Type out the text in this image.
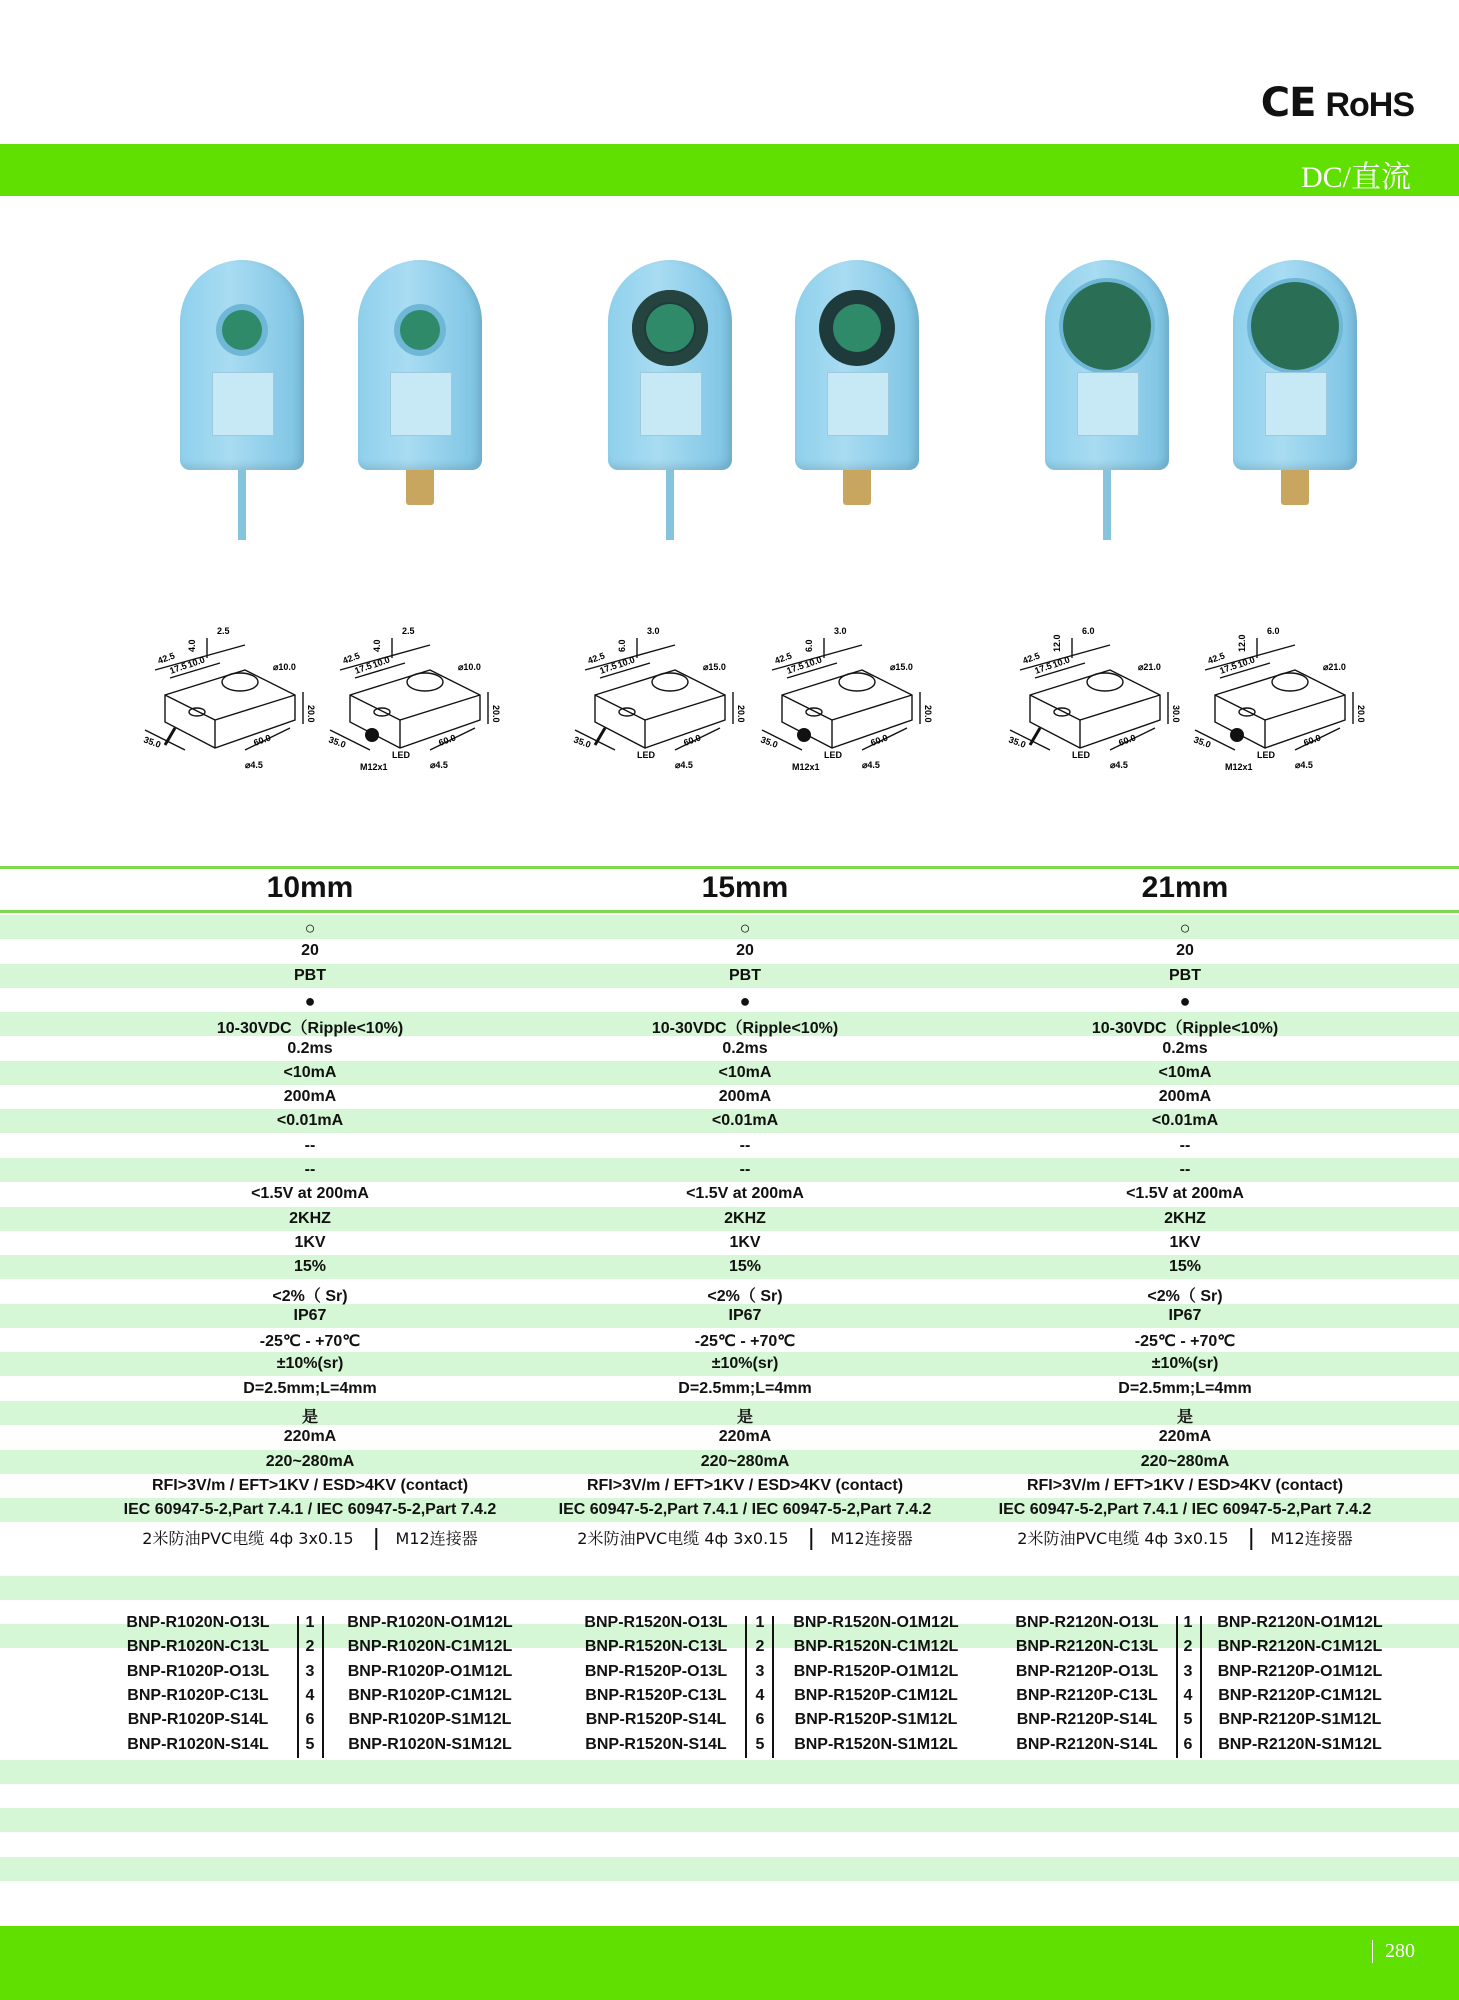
CE RoHS
DC/直流
42.5
17.5
10.0	⌀10.0
20.0
35.0	60.0
⌀4.5
2.5
4.0
42.5
17.5
10.0	⌀10.0
20.0
35.0	60.0
⌀4.5
2.5
4.0
M12x1
LED
42.5
17.5
10.0	⌀15.0
20.0
35.0	60.0
⌀4.5
3.0
6.0
LED
42.5
17.5
10.0	⌀15.0
20.0
35.0	60.0
⌀4.5
3.0
6.0
M12x1
LED
42.5
17.5
10.0	⌀21.0
30.0
35.0	60.0
⌀4.5
6.0
12.0
LED
42.5
17.5
10.0	⌀21.0
20.0
35.0	60.0
⌀4.5
6.0
12.0
M12x1
LED
10mm	15mm	21mm
BNP-R1020N-O13L 1 BNP-R1020N-O1M12L
BNP-R1020N-C13L 2 BNP-R1020N-C1M12L
BNP-R1020P-O13L 3 BNP-R1020P-O1M12L
BNP-R1020P-C13L 4 BNP-R1020P-C1M12L
BNP-R1020P-S14L 6 BNP-R1020P-S1M12L
BNP-R1020N-S14L 5 BNP-R1020N-S1M12L
BNP-R1520N-O13L 1 BNP-R1520N-O1M12L
BNP-R1520N-C13L 2 BNP-R1520N-C1M12L
BNP-R1520P-O13L 3 BNP-R1520P-O1M12L
BNP-R1520P-C13L 4 BNP-R1520P-C1M12L
BNP-R1520P-S14L 6 BNP-R1520P-S1M12L
BNP-R1520N-S14L 5 BNP-R1520N-S1M12L
BNP-R2120N-O13L 1 BNP-R2120N-O1M12L
BNP-R2120N-C13L 2 BNP-R2120N-C1M12L
BNP-R2120P-O13L 3 BNP-R2120P-O1M12L
BNP-R2120P-C13L 4 BNP-R2120P-C1M12L
BNP-R2120P-S14L 5 BNP-R2120P-S1M12L
BNP-R2120N-S14L 6 BNP-R2120N-S1M12L
280
○	○	○
20	20	20
PBT	PBT	PBT
●	●	●
10-30VDC（Ripple<10%)	10-30VDC（Ripple<10%)	10-30VDC（Ripple<10%)
0.2ms	0.2ms	0.2ms
<10mA	<10mA	<10mA
200mA	200mA	200mA
<0.01mA	<0.01mA	<0.01mA
--	--	--
--	--	--
<1.5V at 200mA	<1.5V at 200mA	<1.5V at 200mA
2KHZ	2KHZ	2KHZ
1KV	1KV	1KV
15%	15%	15%
<2%（ Sr)	<2%（ Sr)	<2%（ Sr)
IP67	IP67	IP67
-25℃ - +70℃	-25℃ - +70℃	-25℃ - +70℃
±10%(sr)	±10%(sr)	±10%(sr)
D=2.5mm;L=4mm	D=2.5mm;L=4mm	D=2.5mm;L=4mm
是	是	是
220mA	220mA	220mA
220~280mA	220~280mA	220~280mA
RFI>3V/m / EFT>1KV / ESD>4KV (contact)	RFI>3V/m / EFT>1KV / ESD>4KV (contact)	RFI>3V/m / EFT>1KV / ESD>4KV (contact)
IEC 60947-5-2,Part 7.4.1 / IEC 60947-5-2,Part 7.4.2	IEC 60947-5-2,Part 7.4.1 / IEC 60947-5-2,Part 7.4.2	IEC 60947-5-2,Part 7.4.1 / IEC 60947-5-2,Part 7.4.2
2米防油PVC电缆 4ф 3x0.15	M12连接器	2米防油PVC电缆 4ф 3x0.15	M12连接器	2米防油PVC电缆 4ф 3x0.15	M12连接器
